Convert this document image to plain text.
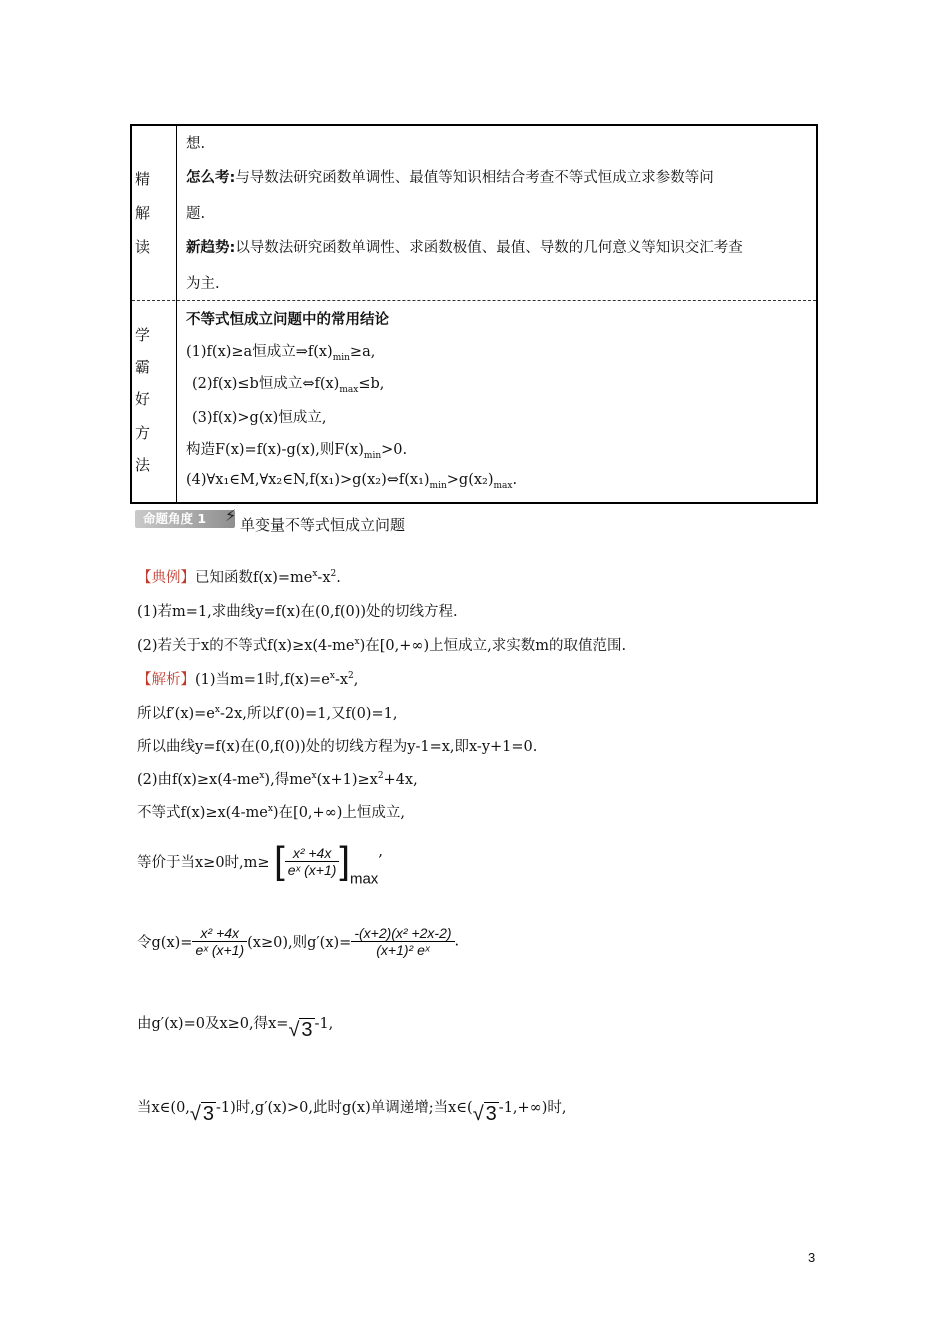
精
解
读
想.
怎么考:与导数法研究函数单调性、最值等知识相结合考查不等式恒成立求参数等问
题.
新趋势:以导数法研究函数单调性、求函数极值、最值、导数的几何意义等知识交汇考查
为主.
学
霸
好
方
法
不等式恒成立问题中的常用结论
(1)f(x)≥a恒成立$\Rightarrow f(x)_{min}\ge a$,
(2)f(x)≤b恒成立$\Leftrightarrow f(x)_{max}\le b$,
(3)f(x)>g(x)恒成立,
构造F(x)=f(x)-g(x),则$F(x)_{min}>0$.
$(4)\forall x_1\in M,\forall x_2\in N,f(x_1)>g(x_2)\Leftrightarrow f(x_1)_{min}>g(x_2)_{max}$.
命题角度 1 ⚡ 单变量不等式恒成立问题
【典例】已知函数$f(x)=me^x-x^2$.
(1)若m=1,求曲线y=f(x)在(0,f(0))处的切线方程.
(2)若关于x的不等式$f(x)\ge x(4-me^x)$在[0,+∞)上恒成立,求实数m的取值范围.
【解析】(1)当m=1时$,f(x)=e^x-x^2$,
所以$f'(x)=e^x-2x$,所以f′(0)=1,又f(0)=1,
所以曲线y=f(x)在(0,f(0))处的切线方程为y-1=x,即x-y+1=0.
(2)由$f(x)\ge x(4-me^x)$,得$me^x(x+1)\ge x^2+4x$,
不等式$f(x)\ge x(4-me^x)$在[0,+∞)上恒成立,
等价于当x≥0时,m≥ [ $\frac{\text{x² +4x}}{\text{eˣ (x+1)}} ]\max$,
令$g(x)= \frac{\text{x² +4x}}{\text{eˣ (x+1)}} (x\ge 0)$,则$g'(x)= \frac{\text{-(x+2)(x² +2x-2)}}{\text{(x+1)² eˣ}}$ .
由g′(x)=0及x≥0,得x=√ 3 -1,
当x∈(0,√ 3 -1)时,g′(x)>0,此时g(x)单调递增;当x∈(√ 3 -1,+∞)时,
3
